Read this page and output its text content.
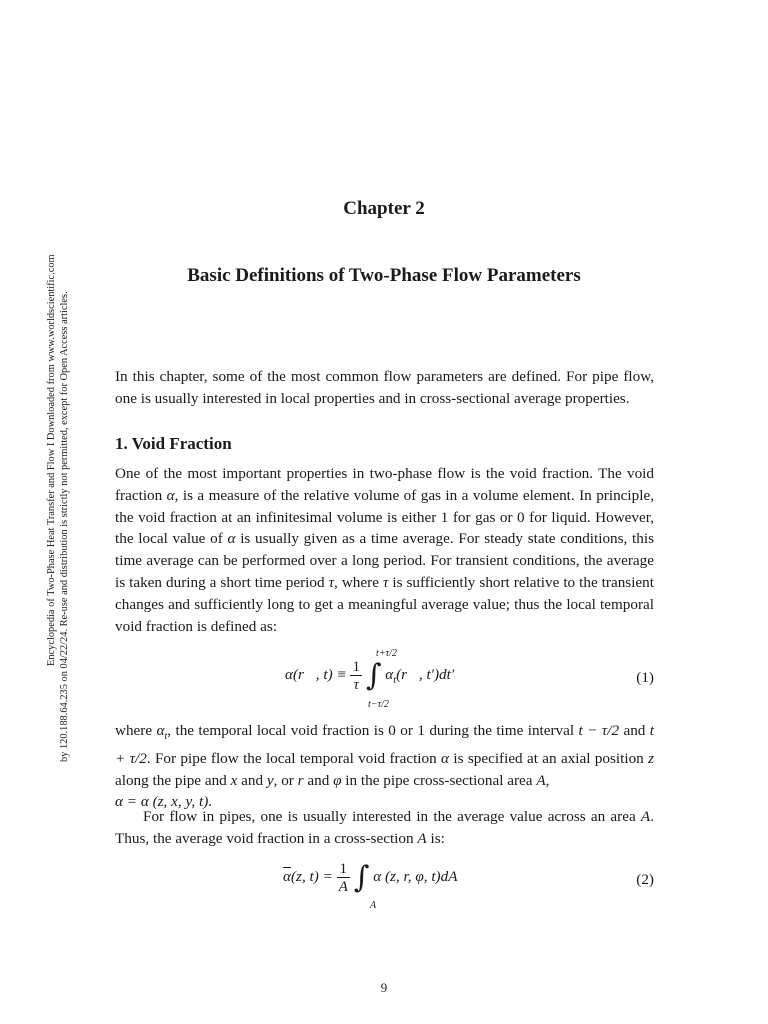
Encyclopedia of Two-Phase Heat Transfer and Flow I Downloaded from www.worldscientific.com by 120.188.64.235 on 04/22/24. Re-use and distribution is strictly not permitted, except for Open Access articles.
Chapter 2
Basic Definitions of Two-Phase Flow Parameters

In this chapter, some of the most common flow parameters are defined. For pipe flow, one is usually interested in local properties and in cross-sectional average properties.

1. Void Fraction

One of the most important properties in two-phase flow is the void fraction. The void fraction α, is a measure of the relative volume of gas in a volume element. In principle, the void fraction at an infinitesimal volume is either 1 for gas or 0 for liquid. However, the local value of α is usually given as a time average. For steady state conditions, this time average can be performed over a long period. For transient conditions, the average is taken during a short time period τ, where τ is sufficiently short relative to the transient changes and sufficiently long to get a meaningful average value; thus the local temporal void fraction is defined as:

α(r⃗, $t) \equiv \frac{1}{\tau}$ ∫ $\alpha_t(r⃗$, t′)dt′
t+τ/2
t−τ/2
(1)

where $\alpha_t$, the temporal local void fraction is 0 or 1 during the time interval t − τ/2 and t + τ/2. For pipe flow the local temporal void fraction α is specified at an axial position z along the pipe and x and y, or r and φ in the pipe cross-sectional area A,
α = α (z, x, y, t).

For flow in pipes, one is usually interested in the average value across an area A. Thus, the average void fraction in a cross-section A is:

$\overline{\alpha}(z$, $t) = \frac{1}{A}$ ∫ α (z, r, φ, t)dA
A
(2)
9
